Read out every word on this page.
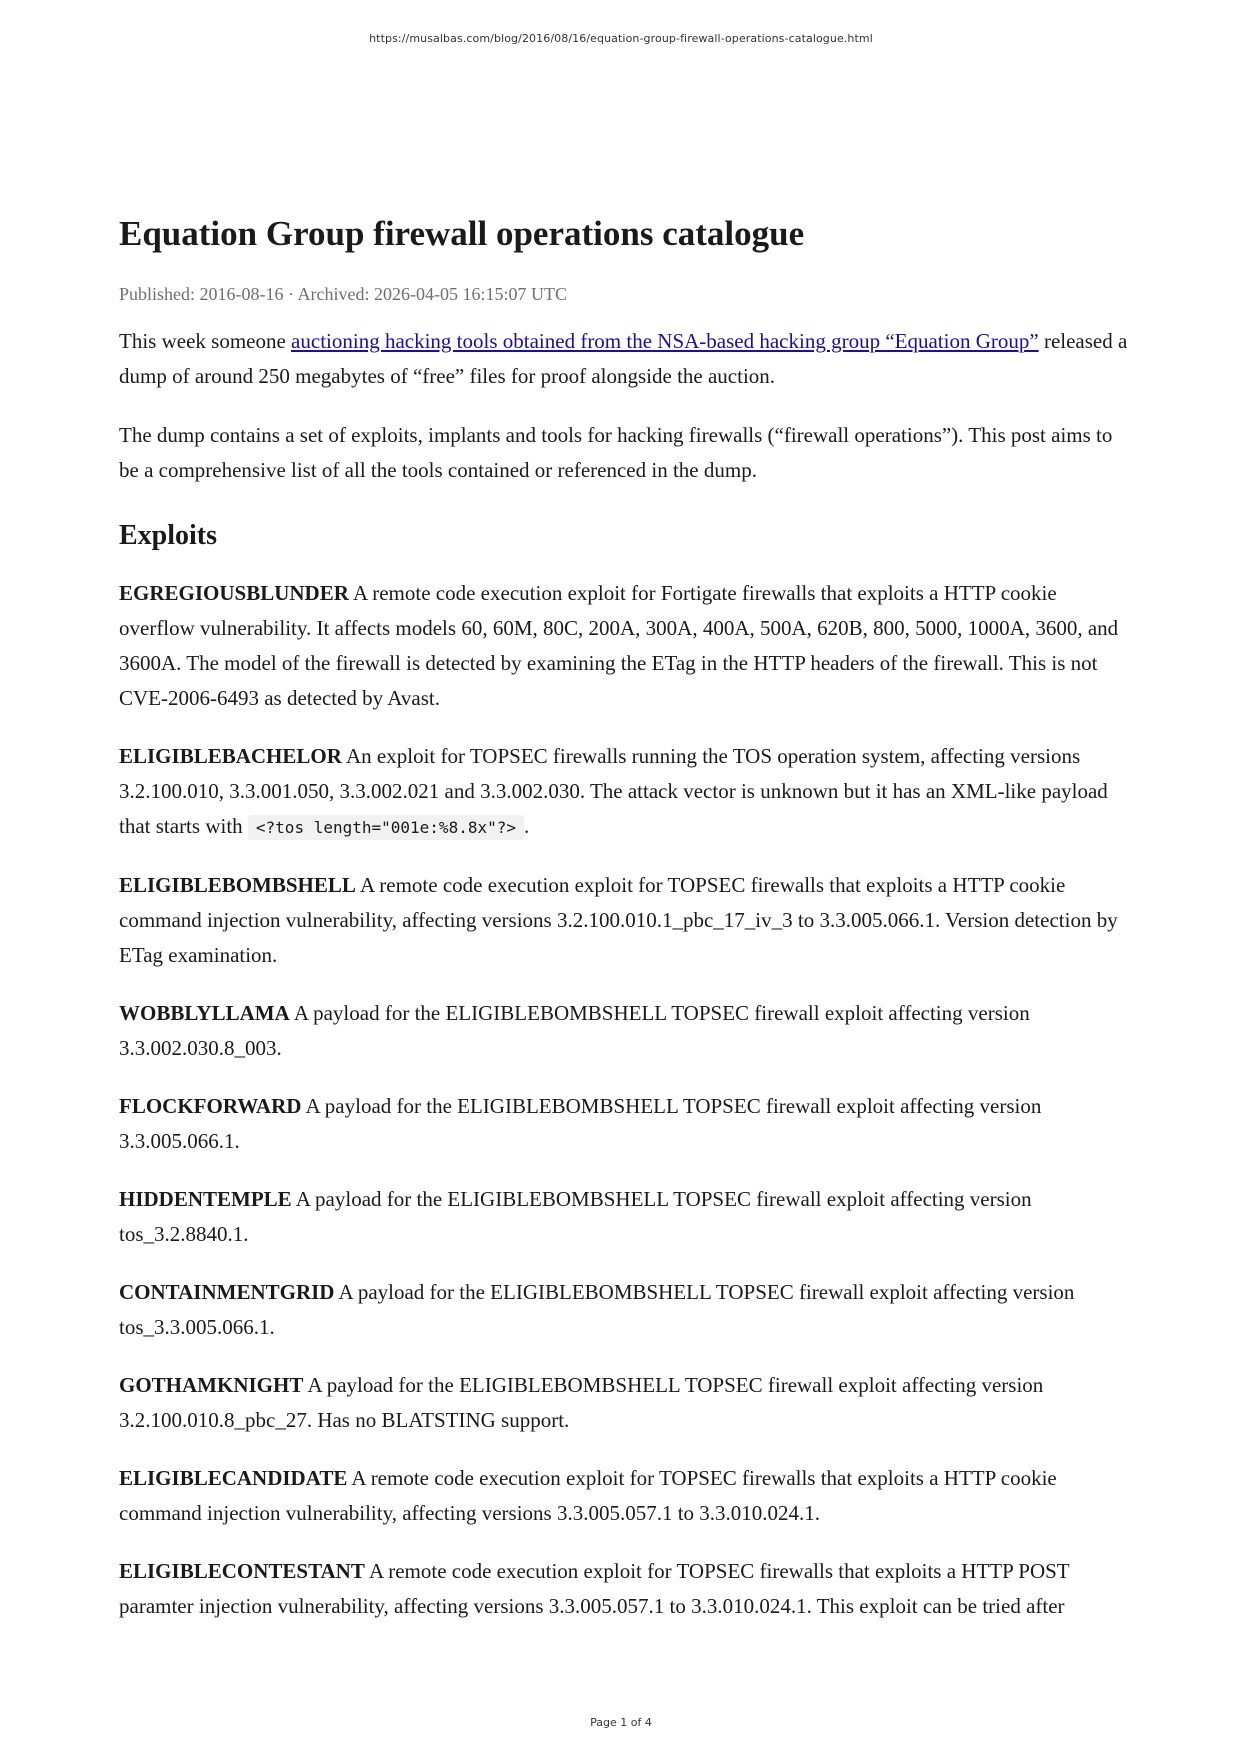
https://musalbas.com/blog/2016/08/16/equation-group-firewall-operations-catalogue.html
Equation Group firewall operations catalogue
Published: 2016-08-16 · Archived: 2026-04-05 16:15:07 UTC

This week someone auctioning hacking tools obtained from the NSA-based hacking group “Equation Group” released a dump of around 250 megabytes of “free” files for proof alongside the auction.

The dump contains a set of exploits, implants and tools for hacking firewalls (“firewall operations”). This post aims to be a comprehensive list of all the tools contained or referenced in the dump.

Exploits

EGREGIOUSBLUNDER A remote code execution exploit for Fortigate firewalls that exploits a HTTP cookie overflow vulnerability. It affects models 60, 60M, 80C, 200A, 300A, 400A, 500A, 620B, 800, 5000, 1000A, 3600, and 3600A. The model of the firewall is detected by examining the ETag in the HTTP headers of the firewall. This is not CVE-2006-6493 as detected by Avast.

ELIGIBLEBACHELOR An exploit for TOPSEC firewalls running the TOS operation system, affecting versions 3.2.100.010, 3.3.001.050, 3.3.002.021 and 3.3.002.030. The attack vector is unknown but it has an XML-like payload that starts with <?tos length="001e:%8.8x"?> .

ELIGIBLEBOMBSHELL A remote code execution exploit for TOPSEC firewalls that exploits a HTTP cookie command injection vulnerability, affecting versions 3.2.100.010.1_pbc_17_iv_3 to 3.3.005.066.1. Version detection by ETag examination.

WOBBLYLLAMA A payload for the ELIGIBLEBOMBSHELL TOPSEC firewall exploit affecting version 3.3.002.030.8_003.

FLOCKFORWARD A payload for the ELIGIBLEBOMBSHELL TOPSEC firewall exploit affecting version 3.3.005.066.1.

HIDDENTEMPLE A payload for the ELIGIBLEBOMBSHELL TOPSEC firewall exploit affecting version tos_3.2.8840.1.

CONTAINMENTGRID A payload for the ELIGIBLEBOMBSHELL TOPSEC firewall exploit affecting version tos_3.3.005.066.1.

GOTHAMKNIGHT A payload for the ELIGIBLEBOMBSHELL TOPSEC firewall exploit affecting version 3.2.100.010.8_pbc_27. Has no BLATSTING support.

ELIGIBLECANDIDATE A remote code execution exploit for TOPSEC firewalls that exploits a HTTP cookie command injection vulnerability, affecting versions 3.3.005.057.1 to 3.3.010.024.1.

ELIGIBLECONTESTANT A remote code execution exploit for TOPSEC firewalls that exploits a HTTP POST paramter injection vulnerability, affecting versions 3.3.005.057.1 to 3.3.010.024.1. This exploit can be tried after

Page 1 of 4
